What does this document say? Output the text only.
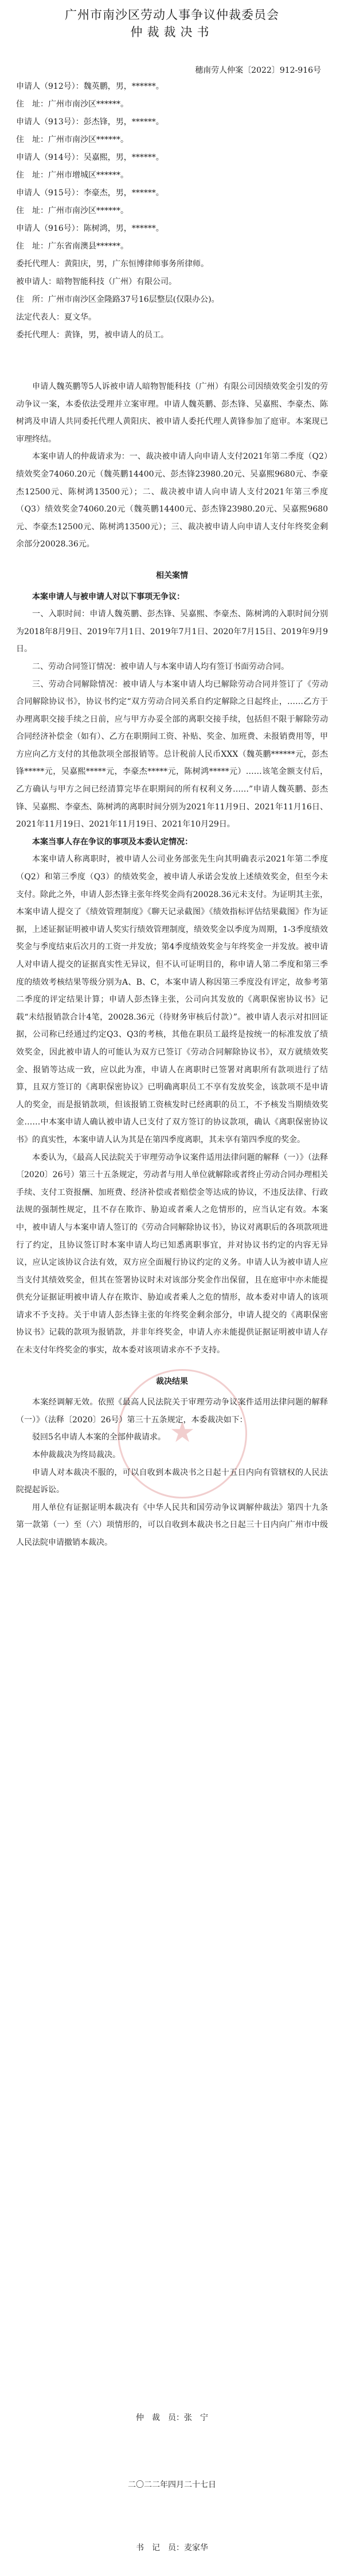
广州市南沙区劳动人事争议仲裁委员会
仲裁裁决书
穗南劳人仲案〔2022〕912-916号
申请人（912号）：魏英鹏，男，******。
住　址：广州市南沙区******。
申请人（913号）：彭杰锋，男，******。
住　址：广州市南沙区******。
申请人（914号）：吴嘉熙，男，******。
住　址：广州市增城区******。
申请人（915号）：李豪杰，男，******。
住　址：广州市南沙区******。
申请人（916号）：陈树鸿，男，******。
住　址：广东省南澳县******。
委托代理人：黄阳庆，男，广东恒博律师事务所律师。
被申请人：暗物智能科技（广州）有限公司。
住　所：广州市南沙区金隆路37号16层整层(仅限办公)。
法定代表人：夏文华。
委托代理人：黄锋，男，被申请人的员工。
★
申请人魏英鹏等5人诉被申请人暗物智能科技（广州）有限公司因绩效奖金引发的劳动争议一案，本委依法受理并立案审理。申请人魏英鹏、彭杰锋、吴嘉熙、李豪杰、陈树鸿及申请人共同委托代理人黄阳庆、被申请人委托代理人黄锋参加了庭审。本案现已审理终结。
本案申请人的仲裁请求为：一、裁决被申请人向申请人支付2021年第二季度（Q2）绩效奖金74060.20元（魏英鹏14400元、彭杰锋23980.20元、吴嘉熙9680元、李豪杰12500元、陈树鸿13500元）；二、裁决被申请人向申请人支付2021年第三季度（Q3）绩效奖金74060.20元（魏英鹏14400元、彭杰锋23980.20元、吴嘉熙9680元、李豪杰12500元、陈树鸿13500元）；三、裁决被申请人向申请人支付年终奖金剩余部分20028.36元。
相关案情
本案申请人与被申请人对以下事项无争议：
一、入职时间：申请人魏英鹏、彭杰锋、吴嘉熙、李豪杰、陈树鸿的入职时间分别为2018年8月9日、2019年7月1日、2019年7月1日、2020年7月15日、2019年9月9日。
二、劳动合同签订情况：被申请人与本案申请人均有签订书面劳动合同。
三、劳动合同解除情况：被申请人与本案申请人均已解除劳动合同并签订了《劳动合同解除协议书》，协议书约定“双方劳动合同关系自约定解除之日起终止，……乙方于办理离职交接手续之日前，应与甲方办妥全部的离职交接手续，包括但不限于解除劳动合同经济补偿金（如有）、乙方在职期间工资、补贴、奖金、加班费、未报销费用等，甲方应向乙方支付的其他款项全部报销等。总计税前人民币XXX（魏英鹏******元，彭杰锋*****元，吴嘉熙*****元，李豪杰*****元，陈树鸿*****元）……该笔金额支付后，乙方确认与甲方之间已经清算完毕在职期间的所有权利义务……”申请人魏英鹏、彭杰锋、吴嘉熙、李豪杰、陈树鸿的离职时间分别为2021年11月9日、2021年11月16日、2021年11月19日、2021年11月19日、2021年10月29日。
本案当事人存在争议的事项及本委认定情况：
本案申请人称离职时，被申请人公司业务部张先生向其明确表示2021年第二季度（Q2）和第三季度（Q3）的绩效奖金，被申请人承诺会发放上述绩效奖金，但至今未支付。除此之外，申请人彭杰锋主张年终奖金尚有20028.36元未支付。为证明其主张，本案申请人提交了《绩效管理制度》《聊天记录截图》《绩效指标评估结果截图》作为证据，上述证据证明被申请人奖实行绩效管理制度，绩效奖金以季度为周期，1-3季度绩效奖金与季度结束后次月的工资一并发放；第4季度绩效奖金与年终奖金一并发放。被申请人对申请人提交的证据真实性无异议，但不认可证明目的，称申请人第二季度和第三季度的绩效考核结果等级分别为A、B、C，本案申请人称因第三季度没有评定，故参考第二季度的评定结果计算；申请人彭杰锋主张，公司向其发放的《离职保密协议书》记载“未结报销款合计4笔，20028.36元（待财务审核后付款）”。被申请人表示对扣回证据，公司称已经通过约定Q3、Q3的考核，其他在职员工最终是按统一的标准发放了绩效奖金，因此被申请人的可能认为双方已签订《劳动合同解除协议书》，双方就绩效奖金、报销等达成一致，应以此为准，申请人在离职时已签署对离职所有款项进行了结算，且双方签订的《离职保密协议》已明确离职员工不享有发放奖金，该款项不是申请人的奖金，而是报销款项，但该报销工资核发时已经离职的员工，不予核发当期绩效奖金……中本案申请人确认被申请人已支付了双方签订的协议款项，确认《离职保密协议书》的真实性，本案申请人认为其是在第四季度离职，其未享有第四季度的奖金。
本委认为，《最高人民法院关于审理劳动争议案件适用法律问题的解释（一）》（法释〔2020〕26号）第三十五条规定，劳动者与用人单位就解除或者终止劳动合同办理相关手续、支付工资报酬、加班费、经济补偿或者赔偿金等达成的协议，不违反法律、行政法规的强制性规定，且不存在欺诈、胁迫或者乘人之危情形的，应当认定有效。本案中，被申请人与本案申请人签订的《劳动合同解除协议书》，协议对离职后的各项款项进行了约定，且协议签订时本案申请人均已知悉离职事宜，并对协议书约定的内容无异议，应认定该协议合法有效，双方应全面履行协议约定的义务。申请人认为被申请人应当支付其绩效奖金，但其在签署协议时未对该部分奖金作出保留，且在庭审中亦未能提供充分证据证明被申请人存在欺诈、胁迫或者乘人之危的情形，故本委对申请人的该项请求不予支持。关于申请人彭杰锋主张的年终奖金剩余部分，申请人提交的《离职保密协议书》记载的款项为报销款，并非年终奖金，申请人亦未能提供证据证明被申请人存在未支付年终奖金的事实，故本委对该项请求亦不予支持。
裁决结果
本案经调解无效。依照《最高人民法院关于审理劳动争议案件适用法律问题的解释（一）》（法释〔2020〕26号）第三十五条规定，本委裁决如下：
驳回5名申请人本案的全部仲裁请求。
本仲裁裁决为终局裁决。
申请人对本裁决不服的，可以自收到本裁决书之日起十五日内向有管辖权的人民法院提起诉讼。
用人单位有证据证明本裁决有《中华人民共和国劳动争议调解仲裁法》第四十九条第一款第（一）至（六）项情形的，可以自收到本裁决书之日起三十日内向广州市中级人民法院申请撤销本裁决。
仲　裁　员：张　宁
二〇二二年四月二十七日
书　记　员：麦家华
